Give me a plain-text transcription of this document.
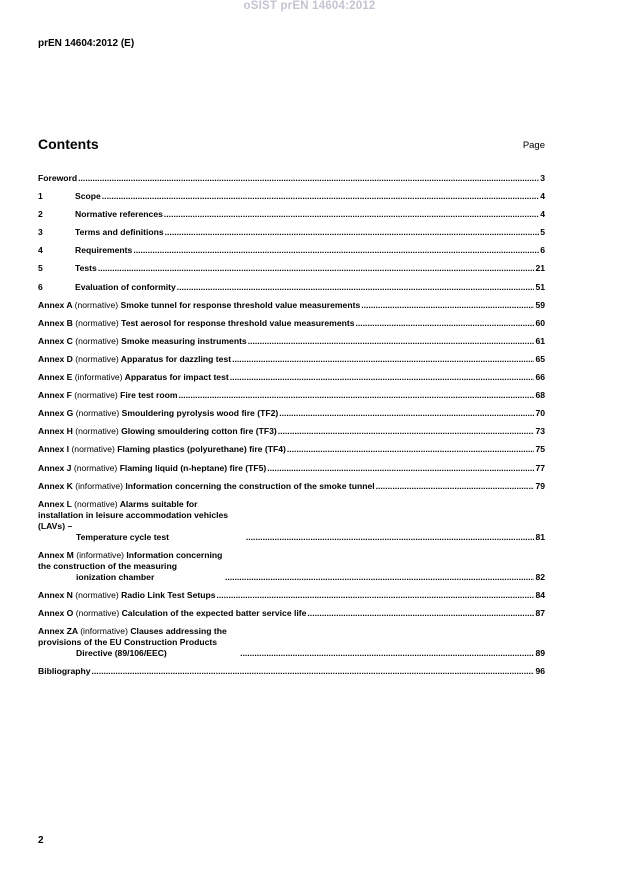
oSIST prEN 14604:2012
prEN 14604:2012 (E)
Contents	Page
Foreword .....	3
1	Scope .....	4
2	Normative references .....	4
3	Terms and definitions .....	5
4	Requirements .....	6
5	Tests .....	21
6	Evaluation of conformity .....	51
Annex A (normative) Smoke tunnel for response threshold value measurements .....	59
Annex B (normative) Test aerosol for response threshold value measurements .....	60
Annex C (normative) Smoke measuring instruments .....	61
Annex D (normative) Apparatus for dazzling test .....	65
Annex E (informative) Apparatus for impact test .....	66
Annex F (normative) Fire test room .....	68
Annex G (normative) Smouldering pyrolysis wood fire (TF2) .....	70
Annex H (normative) Glowing smouldering cotton fire (TF3) .....	73
Annex I (normative) Flaming plastics (polyurethane) fire (TF4) .....	75
Annex J (normative) Flaming liquid (n-heptane) fire (TF5) .....	77
Annex K (informative) Information concerning the construction of the smoke tunnel .....	79
Annex L (normative) Alarms suitable for installation in leisure accommodation vehicles (LAVs) –
Temperature cycle test .....	81
Annex M (informative) Information concerning the construction of the measuring
ionization chamber .....	82
Annex N (normative) Radio Link Test Setups .....	84
Annex O (normative) Calculation of the expected batter service life .....	87
Annex ZA (informative) Clauses addressing the provisions of the EU Construction Products
Directive (89/106/EEC) .....	89
Bibliography .....	96
2
